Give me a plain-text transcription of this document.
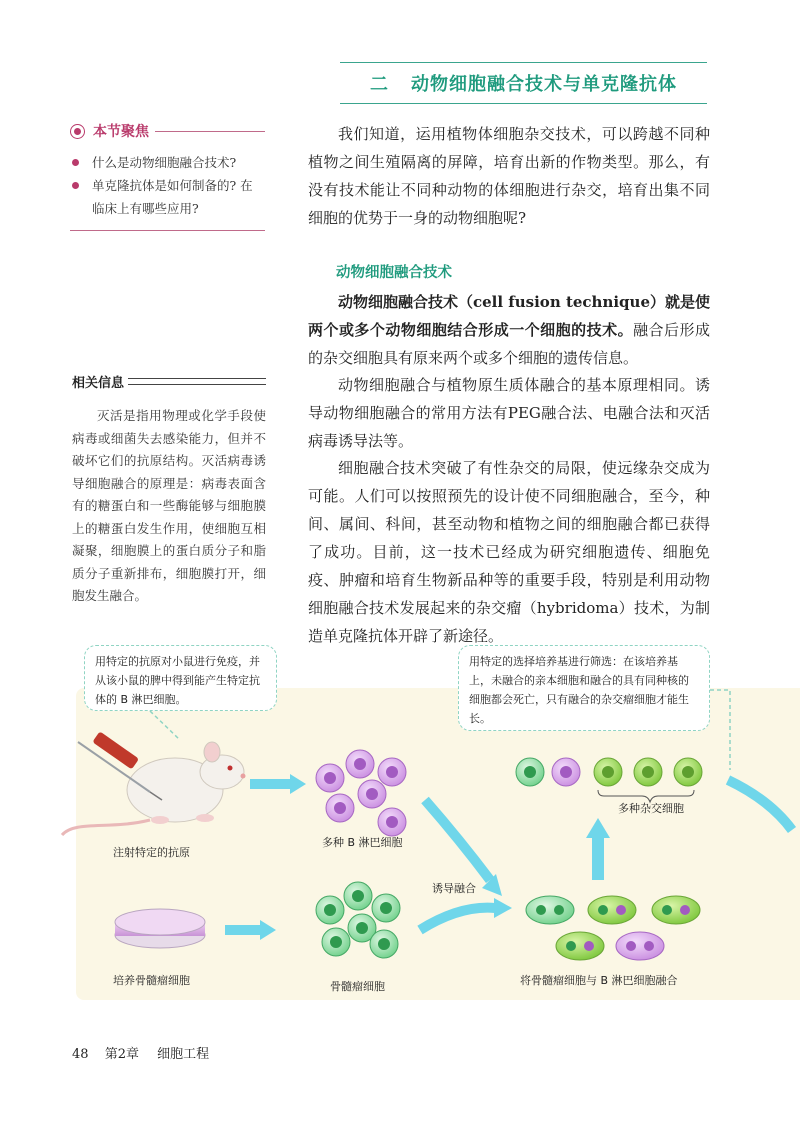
二 动物细胞融合技术与单克隆抗体
本节聚焦
什么是动物细胞融合技术?
单克隆抗体是如何制备的? 在临床上有哪些应用?
相关信息
灭活是指用物理或化学手段使病毒或细菌失去感染能力，但并不破坏它们的抗原结构。灭活病毒诱导细胞融合的原理是：病毒表面含有的糖蛋白和一些酶能够与细胞膜上的糖蛋白发生作用，使细胞互相凝聚，细胞膜上的蛋白质分子和脂质分子重新排布，细胞膜打开，细胞发生融合。

我们知道，运用植物体细胞杂交技术，可以跨越不同种植物之间生殖隔离的屏障，培育出新的作物类型。那么，有没有技术能让不同种动物的体细胞进行杂交，培育出集不同细胞的优势于一身的动物细胞呢?

动物细胞融合技术

动物细胞融合技术（cell fusion technique）就是使两个或多个动物细胞结合形成一个细胞的技术。融合后形成的杂交细胞具有原来两个或多个细胞的遗传信息。

动物细胞融合与植物原生质体融合的基本原理相同。诱导动物细胞融合的常用方法有PEG融合法、电融合法和灭活病毒诱导法等。

细胞融合技术突破了有性杂交的局限，使远缘杂交成为可能。人们可以按照预先的设计使不同细胞融合，至今，种间、属间、科间，甚至动物和植物之间的细胞融合都已获得了成功。目前，这一技术已经成为研究细胞遗传、细胞免疫、肿瘤和培育生物新品种等的重要手段，特别是利用动物细胞融合技术发展起来的杂交瘤（hybridoma）技术，为制造单克隆抗体开辟了新途径。

用特定的抗原对小鼠进行免疫，并从该小鼠的脾中得到能产生特定抗体的 B 淋巴细胞。
用特定的选择培养基进行筛选：在该培养基上，未融合的亲本细胞和融合的具有同种核的细胞都会死亡，只有融合的杂交瘤细胞才能生长。
注射特定的抗原
多种 B 淋巴细胞
培养骨髓瘤细胞	骨髓瘤细胞
诱导融合
将骨髓瘤细胞与 B 淋巴细胞融合
多种杂交细胞
48 第2章 细胞工程
